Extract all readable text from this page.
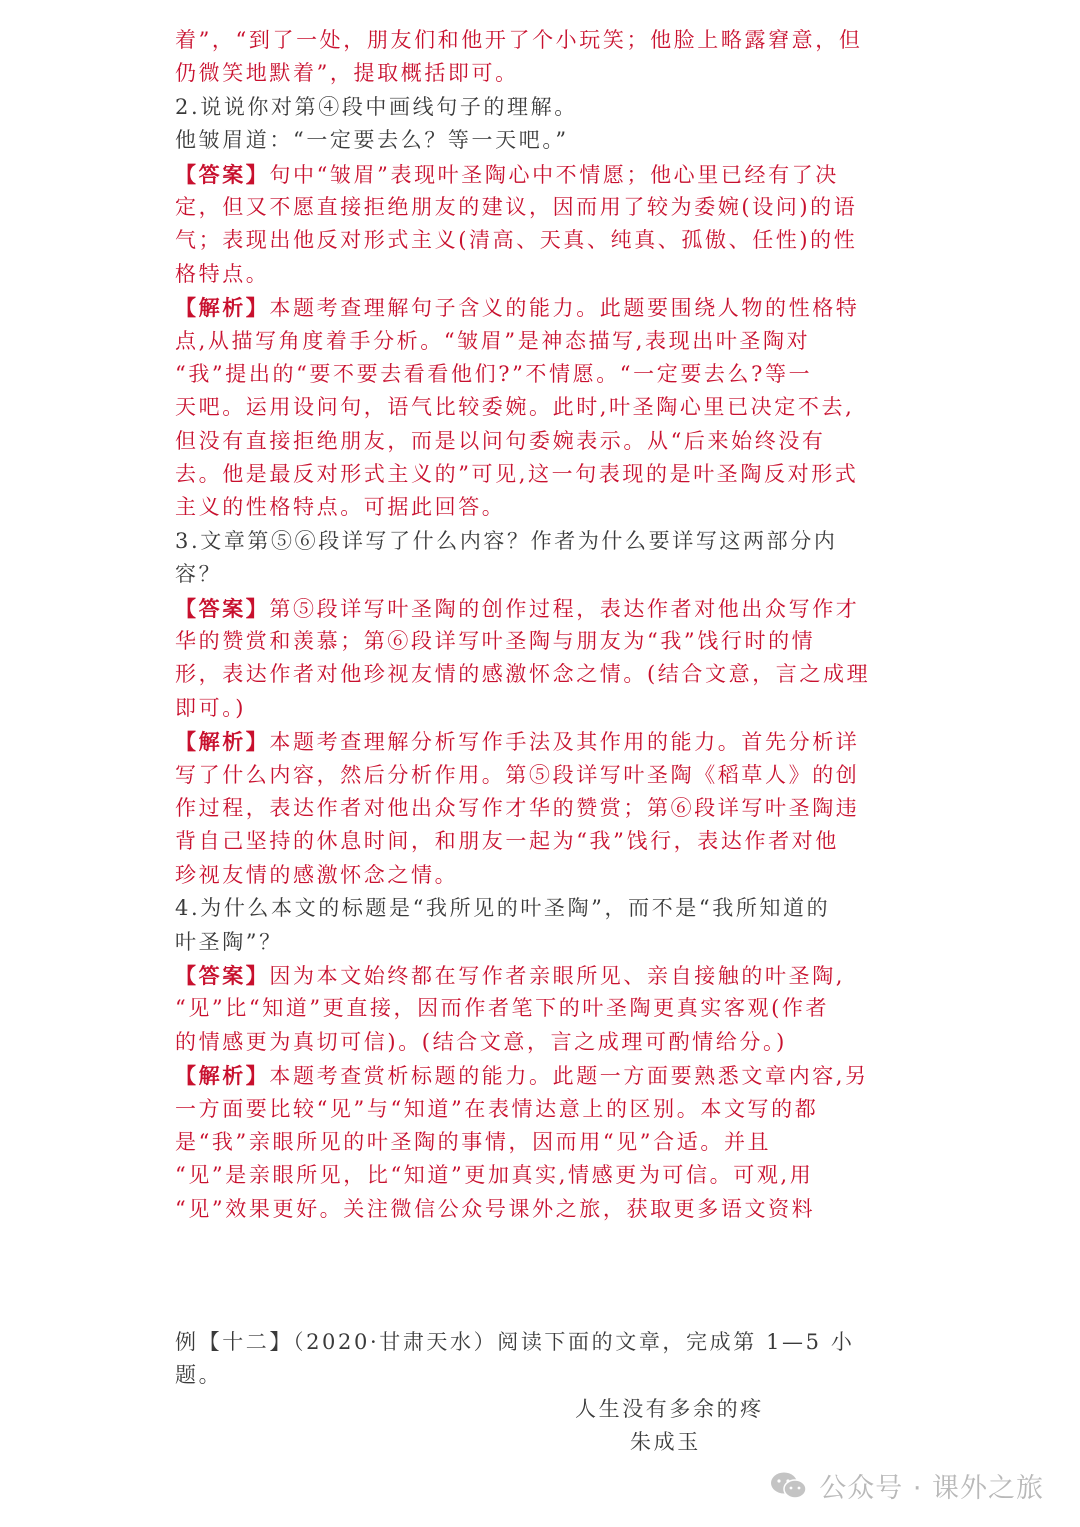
着”，“到了一处，朋友们和他开了个小玩笑；他脸上略露窘意，但
仍微笑地默着”，提取概括即可。
2.说说你对第④段中画线句子的理解。
他皱眉道：“一定要去么？等一天吧。”
【答案】句中“皱眉”表现叶圣陶心中不情愿；他心里已经有了决
定，但又不愿直接拒绝朋友的建议，因而用了较为委婉(设问)的语
气；表现出他反对形式主义(清高、天真、纯真、孤傲、任性)的性
格特点。
【解析】本题考查理解句子含义的能力。此题要围绕人物的性格特
点,从描写角度着手分析。“皱眉”是神态描写,表现出叶圣陶对
“我”提出的“要不要去看看他们?”不情愿。“一定要去么?等一
天吧。运用设问句，语气比较委婉。此时,叶圣陶心里已决定不去,
但没有直接拒绝朋友，而是以问句委婉表示。从“后来始终没有
去。他是最反对形式主义的”可见,这一句表现的是叶圣陶反对形式
主义的性格特点。可据此回答。
3.文章第⑤⑥段详写了什么内容？作者为什么要详写这两部分内
容？
【答案】第⑤段详写叶圣陶的创作过程，表达作者对他出众写作才
华的赞赏和羡慕；第⑥段详写叶圣陶与朋友为“我”饯行时的情
形，表达作者对他珍视友情的感激怀念之情。(结合文意，言之成理
即可。)
【解析】本题考查理解分析写作手法及其作用的能力。首先分析详
写了什么内容，然后分析作用。第⑤段详写叶圣陶《稻草人》的创
作过程，表达作者对他出众写作才华的赞赏；第⑥段详写叶圣陶违
背自己坚持的休息时间，和朋友一起为“我”饯行，表达作者对他
珍视友情的感激怀念之情。
4.为什么本文的标题是“我所见的叶圣陶”，而不是“我所知道的
叶圣陶”？
【答案】因为本文始终都在写作者亲眼所见、亲自接触的叶圣陶,
“见”比“知道”更直接，因而作者笔下的叶圣陶更真实客观(作者
的情感更为真切可信)。(结合文意，言之成理可酌情给分。)
【解析】本题考查赏析标题的能力。此题一方面要熟悉文章内容,另
一方面要比较“见”与“知道”在表情达意上的区别。本文写的都
是“我”亲眼所见的叶圣陶的事情，因而用“见”合适。并且
“见”是亲眼所见，比“知道”更加真实,情感更为可信。可观,用
“见”效果更好。关注微信公众号课外之旅，获取更多语文资料
例【十二】（2020·甘肃天水）阅读下面的文章，完成第 1—5 小
题。
人生没有多余的疼
朱成玉
公众号 · 课外之旅
